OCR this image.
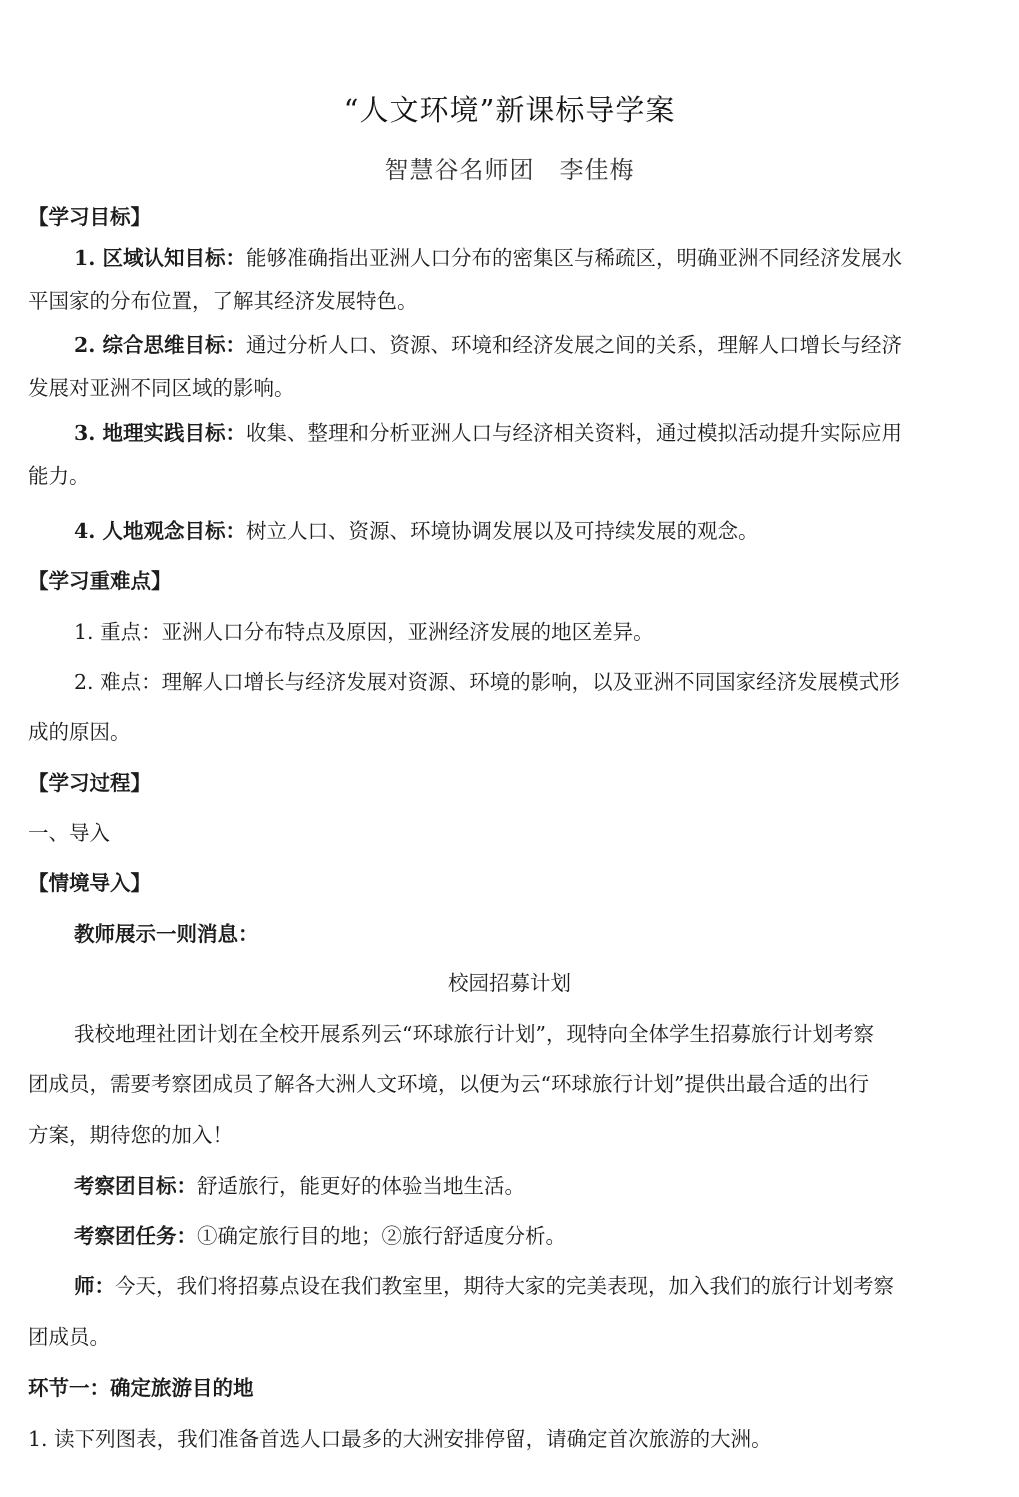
“人文环境”新课标导学案
智慧谷名师团　李佳梅
【学习目标】
1. 区域认知目标：能够准确指出亚洲人口分布的密集区与稀疏区，明确亚洲不同经济发展水
平国家的分布位置，了解其经济发展特色。
2. 综合思维目标：通过分析人口、资源、环境和经济发展之间的关系，理解人口增长与经济
发展对亚洲不同区域的影响。
3. 地理实践目标：收集、整理和分析亚洲人口与经济相关资料，通过模拟活动提升实际应用
能力。
4. 人地观念目标：树立人口、资源、环境协调发展以及可持续发展的观念。
【学习重难点】
1. 重点：亚洲人口分布特点及原因，亚洲经济发展的地区差异。
2. 难点：理解人口增长与经济发展对资源、环境的影响，以及亚洲不同国家经济发展模式形
成的原因。
【学习过程】
一、导入
【情境导入】
教师展示一则消息：
校园招募计划
我校地理社团计划在全校开展系列云“环球旅行计划”，现特向全体学生招募旅行计划考察
团成员，需要考察团成员了解各大洲人文环境，以便为云“环球旅行计划”提供出最合适的出行
方案，期待您的加入！
考察团目标：舒适旅行，能更好的体验当地生活。
考察团任务：①确定旅行目的地；②旅行舒适度分析。
师：今天，我们将招募点设在我们教室里，期待大家的完美表现，加入我们的旅行计划考察
团成员。
环节一：确定旅游目的地
1. 读下列图表，我们准备首选人口最多的大洲安排停留，请确定首次旅游的大洲。
